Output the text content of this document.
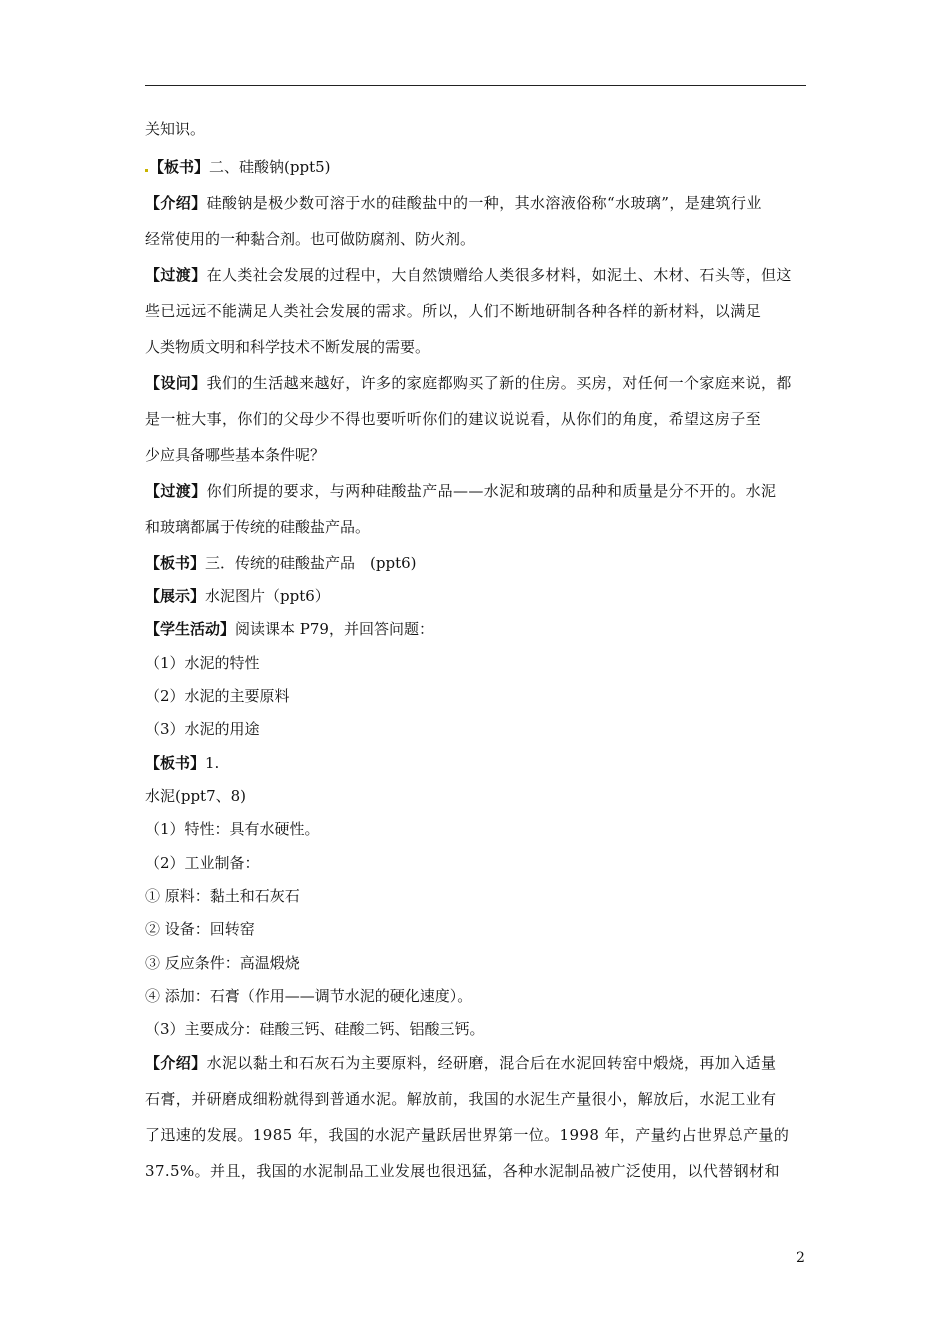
关知识。
【板书】二、硅酸钠(ppt5)
【介绍】硅酸钠是极少数可溶于水的硅酸盐中的一种，其水溶液俗称“水玻璃”，是建筑行业
经常使用的一种黏合剂。也可做防腐剂、防火剂。
【过渡】在人类社会发展的过程中，大自然馈赠给人类很多材料，如泥土、木材、石头等，但这
些已远远不能满足人类社会发展的需求。所以，人们不断地研制各种各样的新材料，以满足
人类物质文明和科学技术不断发展的需要。
【设问】我们的生活越来越好，许多的家庭都购买了新的住房。买房，对任何一个家庭来说，都
是一桩大事，你们的父母少不得也要听听你们的建议说说看，从你们的角度，希望这房子至
少应具备哪些基本条件呢？
【过渡】你们所提的要求，与两种硅酸盐产品——水泥和玻璃的品种和质量是分不开的。水泥
和玻璃都属于传统的硅酸盐产品。
【板书】三．传统的硅酸盐产品　(ppt6)
【展示】水泥图片（ppt6）
【学生活动】阅读课本 P79，并回答问题：
（1）水泥的特性
（2）水泥的主要原料
（3）水泥的用途
【板书】1.
水泥(ppt7、8)
（1）特性：具有水硬性。
（2）工业制备：
① 原料：黏土和石灰石
② 设备：回转窑
③ 反应条件：高温煅烧
④ 添加：石膏（作用——调节水泥的硬化速度）。
（3）主要成分：硅酸三钙、硅酸二钙、铝酸三钙。
【介绍】水泥以黏土和石灰石为主要原料，经研磨，混合后在水泥回转窑中煅烧，再加入适量
石膏，并研磨成细粉就得到普通水泥。解放前，我国的水泥生产量很小，解放后，水泥工业有
了迅速的发展。1985 年，我国的水泥产量跃居世界第一位。1998 年，产量约占世界总产量的
37.5%。并且，我国的水泥制品工业发展也很迅猛，各种水泥制品被广泛使用，以代替钢材和
2
